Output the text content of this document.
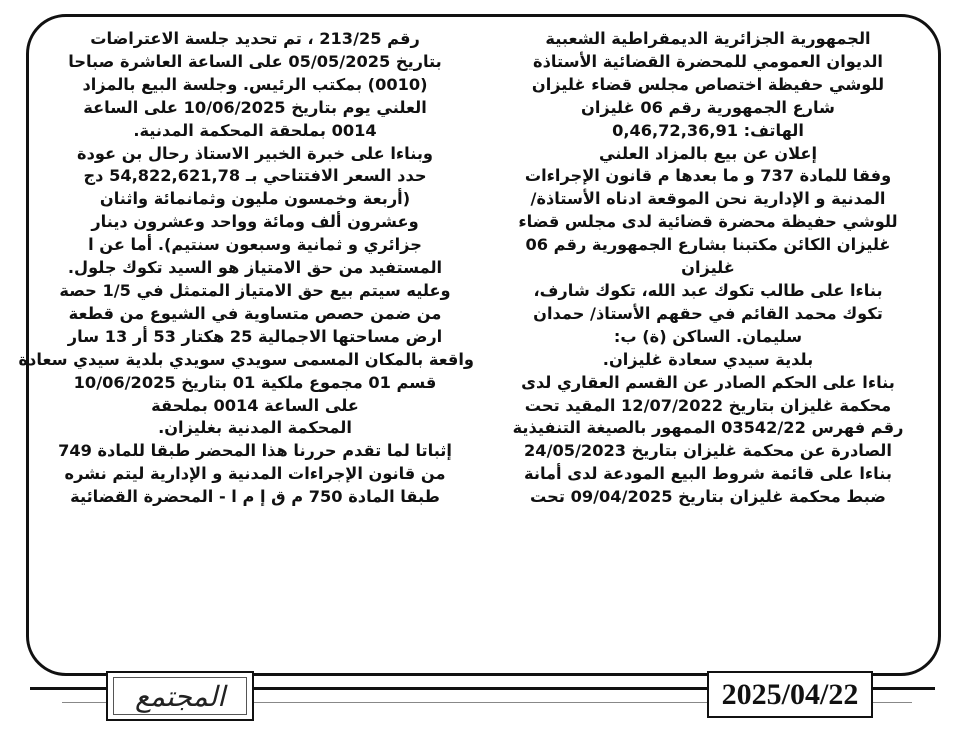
الجمهورية الجزائرية الديمقراطية الشعبية
الديوان العمومي للمحضرة القضائية الأستاذة
للوشي حفيظة اختصاص مجلس قضاء غليزان
شارع الجمهورية رقم 06 غليزان
الهاتف: 0,46,72,36,91
إعلان عن بيع بالمزاد العلني
وفقا للمادة 737 و ما بعدها م قانون الإجراءات
المدنية و الإدارية نحن الموقعة ادناه الأستاذة/
للوشي حفيظة محضرة قضائية لدى مجلس قضاء
غليزان الكائن مكتبنا بشارع الجمهورية رقم 06
غليزان
بناءا على طالب تكوك عبد الله، تكوك شارف،
تكوك محمد القائم في حقهم الأستاذ/ حمدان
سليمان. الساكن (ة) ب:
بلدية سيدي سعادة غليزان.
بناءا على الحكم الصادر عن القسم العقاري لدى
محكمة غليزان بتاريخ 12/07/2022 المقيد تحت
رقم فهرس 03542/22 الممهور بالصيغة التنفيذية
الصادرة عن محكمة غليزان بتاريخ 24/05/2023
بناءا على قائمة شروط البيع المودعة لدى أمانة
ضبط محكمة غليزان بتاريخ 09/04/2025 تحت
رقم 213/25 ، تم تحديد جلسة الاعتراضات
بتاريخ 05/05/2025 على الساعة العاشرة صباحا
(0010) بمكتب الرئيس. وجلسة البيع بالمزاد
العلني يوم بتاريخ 10/06/2025 على الساعة
0014 بملحقة المحكمة المدنية.
وبناءا على خبرة الخبير الاستاذ رحال بن عودة
حدد السعر الافتتاحي بـ 54,822,621,78 دج
(أربعة وخمسون مليون وثمانمائة واثنان
وعشرون ألف ومائة وواحد وعشرون دينار
جزائري و ثمانية وسبعون سنتيم). أما عن ا
المستفيد من حق الامتياز هو السيد تكوك جلول.
وعليه سيتم بيع حق الامتياز المتمثل في 1/5 حصة
من ضمن حصص متساوية في الشيوع من قطعة
ارض مساحتها الاجمالية 25 هكتار 53 أر 13 سار
واقعة بالمكان المسمى سويدي سويدي بلدية سيدي سعادة
قسم 01 مجموع ملكية 01 بتاريخ 10/06/2025
على الساعة 0014 بملحقة
المحكمة المدنية بغليزان.
إثباتا لما تقدم حررنا هذا المحضر طبقا للمادة 749
من قانون الإجراءات المدنية و الإدارية ليتم نشره
طبقا المادة 750 م ق إ م ا - المحضرة القضائية
المجتمع	2025/04/22
